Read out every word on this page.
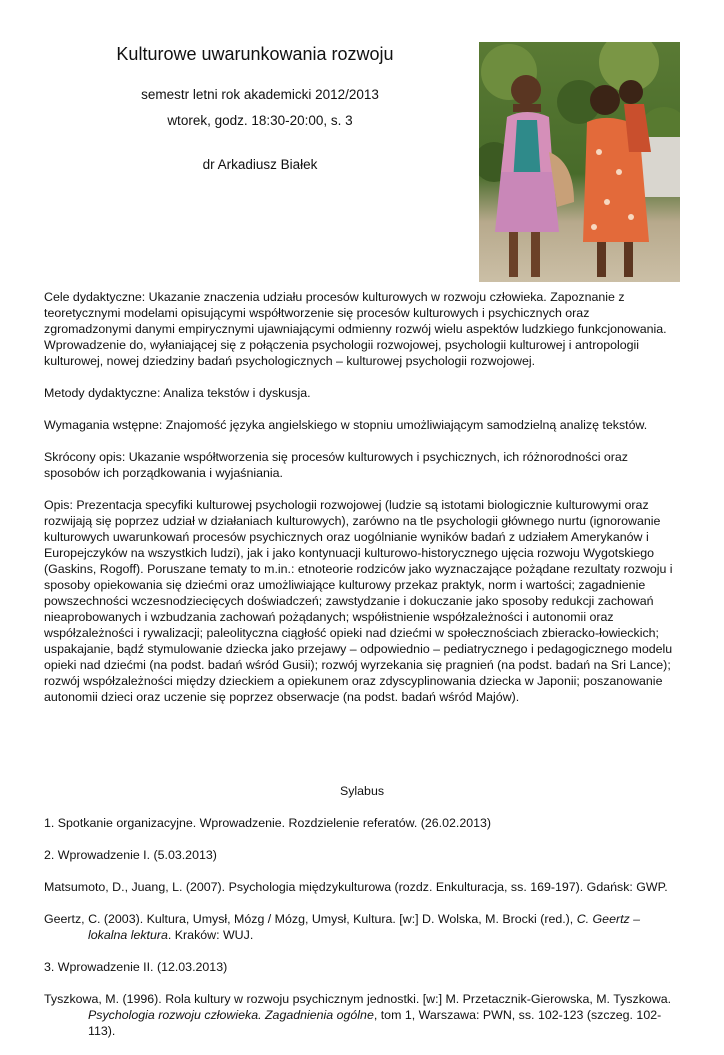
Kulturowe uwarunkowania rozwoju
semestr letni rok akademicki 2012/2013
wtorek, godz. 18:30-20:00, s. 3
dr Arkadiusz Białek

Cele dydaktyczne: Ukazanie znaczenia udziału procesów kulturowych w rozwoju człowieka. Zapoznanie z teoretycznymi modelami opisującymi współtworzenie się procesów kulturowych i psychicznych oraz zgromadzonymi danymi empirycznymi ujawniającymi odmienny rozwój wielu aspektów ludzkiego funkcjonowania. Wprowadzenie do, wyłaniającej się z połączenia psychologii rozwojowej, psychologii kulturowej i antropologii kulturowej, nowej dziedziny badań psychologicznych – kulturowej psychologii rozwojowej.

Metody dydaktyczne: Analiza tekstów i dyskusja.

Wymagania wstępne: Znajomość języka angielskiego w stopniu umożliwiającym samodzielną analizę tekstów.

Skrócony opis: Ukazanie współtworzenia się procesów kulturowych i psychicznych, ich różnorodności oraz sposobów ich porządkowania i wyjaśniania.

Opis: Prezentacja specyfiki kulturowej psychologii rozwojowej (ludzie są istotami biologicznie kulturowymi oraz rozwijają się poprzez udział w działaniach kulturowych), zarówno na tle psychologii głównego nurtu (ignorowanie kulturowych uwarunkowań procesów psychicznych oraz uogólnianie wyników badań z udziałem Amerykanów i Europejczyków na wszystkich ludzi), jak i jako kontynuacji kulturowo-historycznego ujęcia rozwoju Wygotskiego (Gaskins, Rogoff). Poruszane tematy to m.in.: etnoteorie rodziców jako wyznaczające pożądane rezultaty rozwoju i sposoby opiekowania się dziećmi oraz umożliwiające kulturowy przekaz praktyk, norm i wartości; zagadnienie powszechności wczesnodziecięcych doświadczeń; zawstydzanie i dokuczanie jako sposoby redukcji zachowań nieaprobowanych i wzbudzania zachowań pożądanych; współistnienie współzależności i autonomii oraz współzależności i rywalizacji; paleolityczna ciągłość opieki nad dziećmi w społecznościach zbieracko-łowieckich; uspakajanie, bądź stymulowanie dziecka jako przejawy – odpowiednio – pediatrycznego i pedagogicznego modelu opieki nad dziećmi (na podst. badań wśród Gusii); rozwój wyrzekania się pragnień (na podst. badań na Sri Lance); rozwój współzależności między dzieckiem a opiekunem oraz zdyscyplinowania dziecka w Japonii; poszanowanie autonomii dzieci oraz uczenie się poprzez obserwacje (na podst. badań wśród Majów).

Sylabus

1. Spotkanie organizacyjne. Wprowadzenie. Rozdzielenie referatów. (26.02.2013)

2. Wprowadzenie I. (5.03.2013)

Matsumoto, D., Juang, L. (2007). Psychologia międzykulturowa (rozdz. Enkulturacja, ss. 169-197). Gdańsk: GWP.

Geertz, C. (2003). Kultura, Umysł, Mózg / Mózg, Umysł, Kultura. [w:] D. Wolska, M. Brocki (red.), C. Geertz – lokalna lektura. Kraków: WUJ.

3. Wprowadzenie II. (12.03.2013)

Tyszkowa, M. (1996). Rola kultury w rozwoju psychicznym jednostki. [w:] M. Przetacznik-Gierowska, M. Tyszkowa. Psychologia rozwoju człowieka. Zagadnienia ogólne, tom 1, Warszawa: PWN, ss. 102-123 (szczeg. 102-113).
